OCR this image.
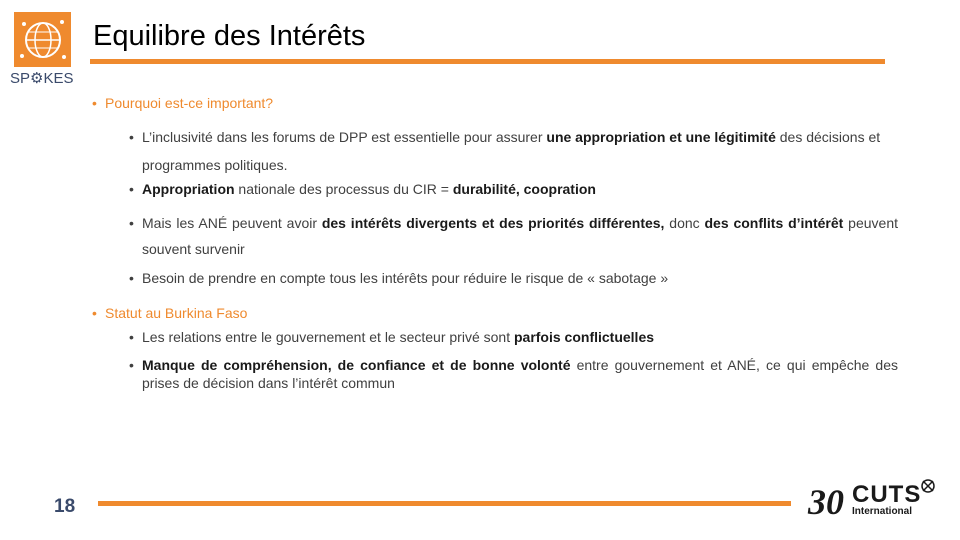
SP⚙KES
Equilibre des Intérêts
• Pourquoi est-ce important?
• L’inclusivité dans les forums de DPP est essentielle pour assurer une appropriation et une légitimité des décisions et programmes politiques.
• Appropriation nationale des processus du CIR = durabilité, coopration
• Mais les ANÉ peuvent avoir des intérêts divergents et des priorités différentes, donc des conflits d’intérêt peuvent souvent survenir
• Besoin de prendre en compte tous les intérêts pour réduire le risque de « sabotage »
• Statut au Burkina Faso
• Les relations entre le gouvernement et le secteur privé sont parfois conflictuelles
• Manque de compréhension, de confiance et de bonne volonté entre gouvernement et ANÉ, ce qui empêche des prises de décision dans l’intérêt commun
18	30 CUTS
International
